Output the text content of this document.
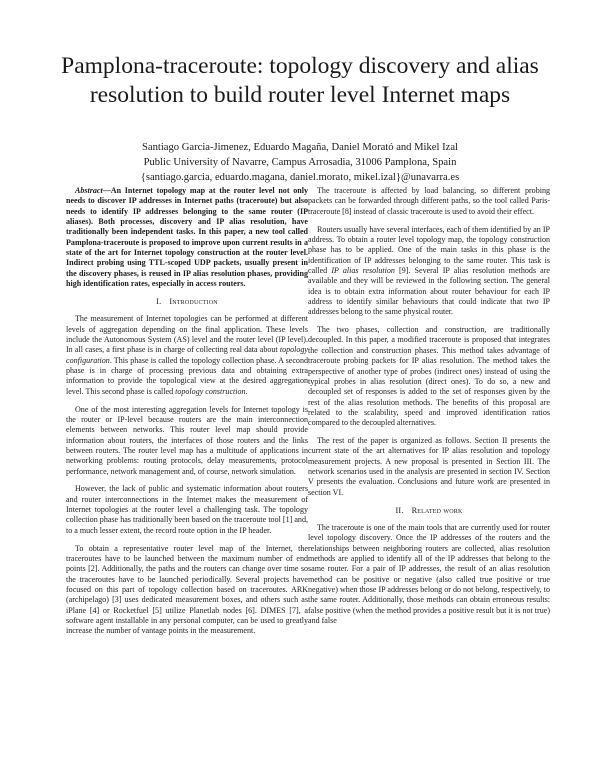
Pamplona-traceroute: topology discovery and alias
resolution to build router level Internet maps
Santiago Garcia-Jimenez, Eduardo Magaña, Daniel Morató and Mikel Izal
Public University of Navarre, Campus Arrosadia, 31006 Pamplona, Spain
{santiago.garcia, eduardo.magana, daniel.morato, mikel.izal}@unavarra.es

Abstract—An Internet topology map at the router level not only needs to discover IP addresses in Internet paths (traceroute) but also needs to identify IP addresses belonging to the same router (IP aliases). Both processes, discovery and IP alias resolution, have traditionally been independent tasks. In this paper, a new tool called Pamplona-traceroute is proposed to improve upon current results in a state of the art for Internet topology construction at the router level. Indirect probing using TTL-scoped UDP packets, usually present in the discovery phases, is reused in IP alias resolution phases, providing high identification rates, especially in access routers.

I. Introduction

The measurement of Internet topologies can be performed at different levels of aggregation depending on the final application. These levels include the Autonomous System (AS) level and the router level (IP level). In all cases, a first phase is in charge of collecting real data about topology configuration. This phase is called the topology collection phase. A second phase is in charge of processing previous data and obtaining extra information to provide the topological view at the desired aggregation level. This second phase is called topology construction.

One of the most interesting aggregation levels for Internet topology is the router or IP-level because routers are the main interconnection elements between networks. This router level map should provide information about routers, the interfaces of those routers and the links between routers. The router level map has a multitude of applications in networking problems: routing protocols, delay measurements, protocol performance, network management and, of course, network simulation.

However, the lack of public and systematic information about routers and router interconnections in the Internet makes the measurement of Internet topologies at the router level a challenging task. The topology collection phase has traditionally been based on the traceroute tool [1] and, to a much lesser extent, the record route option in the IP header.

To obtain a representative router level map of the Internet, the traceroutes have to be launched between the maximum number of end points [2]. Additionally, the paths and the routers can change over time so the traceroutes have to be launched periodically. Several projects have focused on this part of topology collection based on traceroutes. ARK (archipelago) [3] uses dedicated measurement boxes, and others such as iPlane [4] or Rocketfuel [5] utilize Planetlab nodes [6]. DIMES [7], a software agent installable in any personal computer, can be used to greatly increase the number of vantage points in the measurement.

The traceroute is affected by load balancing, so different probing packets can be forwarded through different paths, so the tool called Paris-traceroute [8] instead of classic traceroute is used to avoid their effect.

Routers usually have several interfaces, each of them identified by an IP address. To obtain a router level topology map, the topology construction phase has to be applied. One of the main tasks in this phase is the identification of IP addresses belonging to the same router. This task is called IP alias resolution [9]. Several IP alias resolution methods are available and they will be reviewed in the following section. The general idea is to obtain extra information about router behaviour for each IP address to identify similar behaviours that could indicate that two IP addresses belong to the same physical router.

The two phases, collection and construction, are traditionally decoupled. In this paper, a modified traceroute is proposed that integrates the collection and construction phases. This method takes advantage of traceroute probing packets for IP alias resolution. The method takes the perspective of another type of probes (indirect ones) instead of using the typical probes in alias resolution (direct ones). To do so, a new and decoupled set of responses is added to the set of responses given by the rest of the alias resolution methods. The benefits of this proposal are related to the scalability, speed and improved identification ratios compared to the decoupled alternatives.

The rest of the paper is organized as follows. Section II presents the current state of the art alternatives for IP alias resolution and topology measurement projects. A new proposal is presented in Section III. The network scenarios used in the analysis are presented in section IV. Section V presents the evaluation. Conclusions and future work are presented in section VI.

II. Related work

The traceroute is one of the main tools that are currently used for router level topology discovery. Once the IP addresses of the routers and the relationships between neighboring routers are collected, alias resolution methods are applied to identify all of the IP addresses that belong to the same router. For a pair of IP addresses, the result of an alias resolution method can be positive or negative (also called true positive or true negative) when those IP addresses belong or do not belong, respectively, to the same router. Additionally, those methods can obtain erroneous results: false positive (when the method provides a positive result but it is not true) and false
